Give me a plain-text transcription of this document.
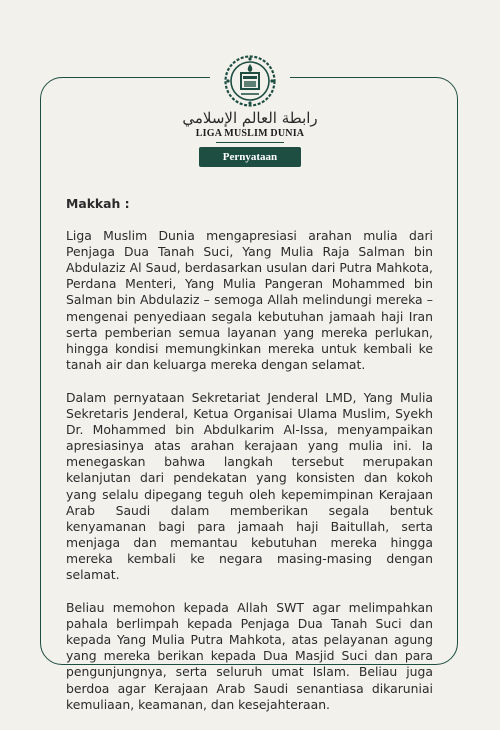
رابطة العالم الإسلامي
LIGA MUSLIM DUNIA
Pernyataan
Makkah :

Liga Muslim Dunia mengapresiasi arahan mulia dari Penjaga Dua Tanah Suci, Yang Mulia Raja Salman bin Abdulaziz Al Saud, berdasarkan usulan dari Putra Mahkota, Perdana Menteri, Yang Mulia Pangeran Mohammed bin Salman bin Abdulaziz – semoga Allah melindungi mereka – mengenai penyediaan segala kebutuhan jamaah haji Iran serta pemberian semua layanan yang mereka perlukan, hingga kondisi memungkinkan mereka untuk kembali ke tanah air dan keluarga mereka dengan selamat.

Dalam pernyataan Sekretariat Jenderal LMD, Yang Mulia Sekretaris Jenderal, Ketua Organisai Ulama Muslim, Syekh Dr. Mohammed bin Abdulkarim Al-Issa, menyampaikan apresiasinya atas arahan kerajaan yang mulia ini. Ia menegaskan bahwa langkah tersebut merupakan kelanjutan dari pendekatan yang konsisten dan kokoh yang selalu dipegang teguh oleh kepemimpinan Kerajaan Arab Saudi dalam memberikan segala bentuk kenyamanan bagi para jamaah haji Baitullah, serta menjaga dan memantau kebutuhan mereka hingga mereka kembali ke negara masing-masing dengan selamat.

Beliau memohon kepada Allah SWT agar melimpahkan pahala berlimpah kepada Penjaga Dua Tanah Suci dan kepada Yang Mulia Putra Mahkota, atas pelayanan agung yang mereka berikan kepada Dua Masjid Suci dan para pengunjungnya, serta seluruh umat Islam. Beliau juga berdoa agar Kerajaan Arab Saudi senantiasa dikaruniai kemuliaan, keamanan, dan kesejahteraan.
